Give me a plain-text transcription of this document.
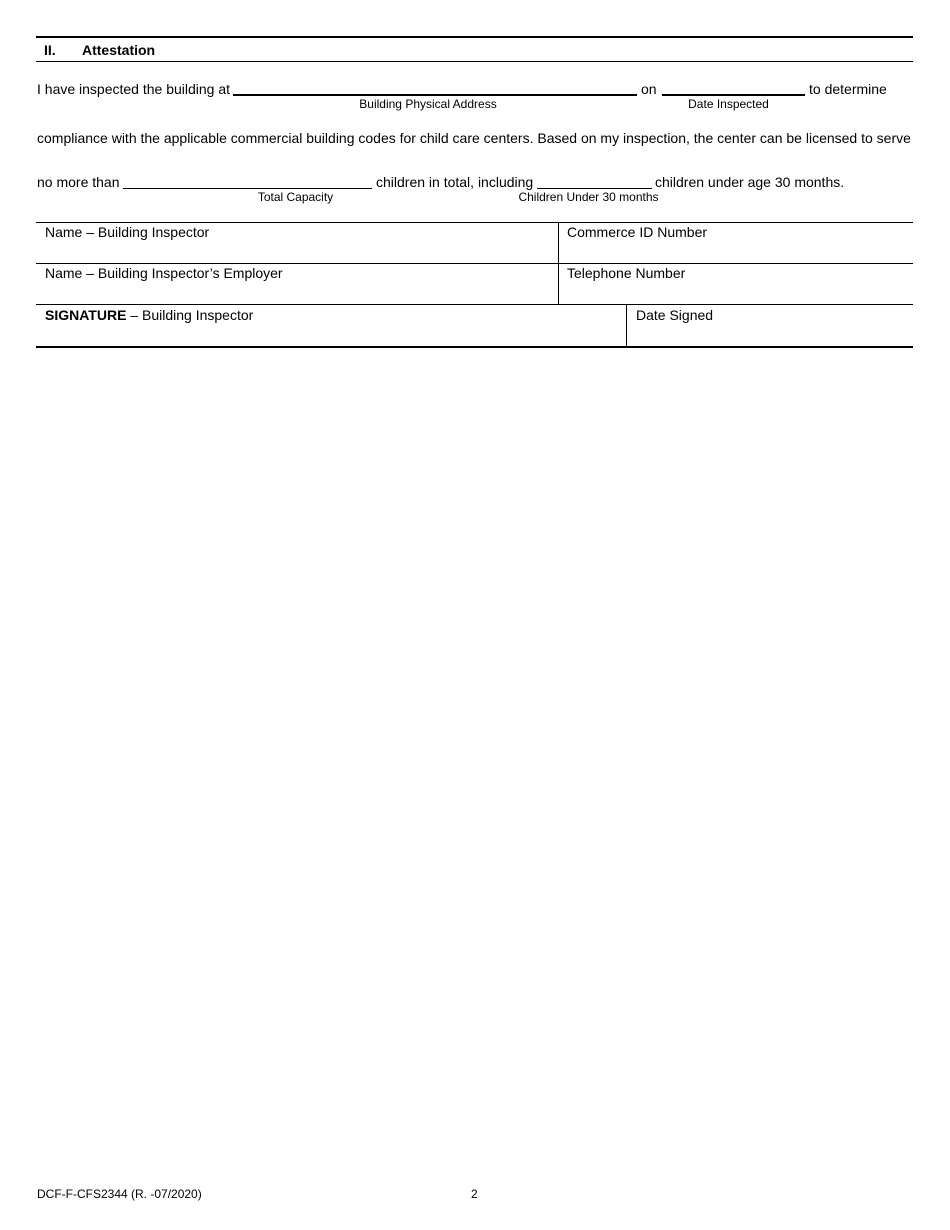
II. Attestation
I have inspected the building at
Building Physical Address
on
Date Inspected
to determine
compliance with the applicable commercial building codes for child care centers. Based on my inspection, the center can be licensed to serve
no more than
Total Capacity
children in total, including
Children Under 30 months
children under age 30 months.
Name – Building Inspector	Commerce ID Number
Name – Building Inspector’s Employer	Telephone Number
SIGNATURE – Building Inspector	Date Signed
DCF-F-CFS2344 (R. -07/2020)	2
